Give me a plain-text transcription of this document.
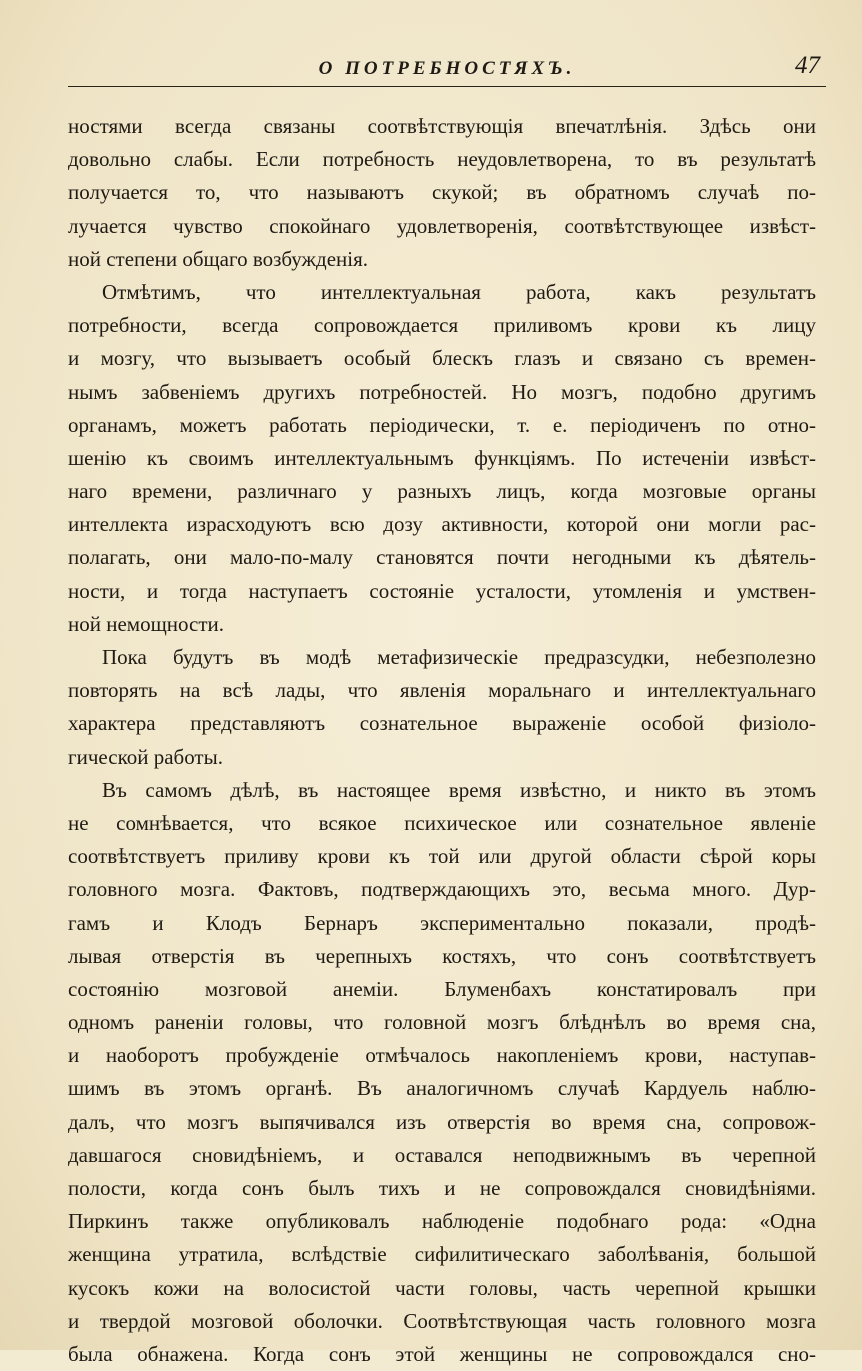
О ПОТРЕБНОСТЯХЪ.	47
ностями всегда связаны соотвѣтствующія впечатлѣнія. Здѣсь они
довольно слабы. Если потребность неудовлетворена, то въ результатѣ
получается то, что называютъ скукой; въ обратномъ случаѣ по-
лучается чувство спокойнаго удовлетворенія, соотвѣтствующее извѣст-
ной степени общаго возбужденія.
Отмѣтимъ, что интеллектуальная работа, какъ результатъ
потребности, всегда сопровождается приливомъ крови къ лицу
и мозгу, что вызываетъ особый блескъ глазъ и связано съ времен-
нымъ забвеніемъ другихъ потребностей. Но мозгъ, подобно другимъ
органамъ, можетъ работать періодически, т. е. періодиченъ по отно-
шенію къ своимъ интеллектуальнымъ функціямъ. По истеченіи извѣст-
наго времени, различнаго у разныхъ лицъ, когда мозговые органы
интеллекта израсходуютъ всю дозу активности, которой они могли рас-
полагать, они мало-по-малу становятся почти негодными къ дѣятель-
ности, и тогда наступаетъ состояніе усталости, утомленія и умствен-
ной немощности.
Пока будутъ въ модѣ метафизическіе предразсудки, небезполезно
повторять на всѣ лады, что явленія моральнаго и интеллектуальнаго
характера представляютъ сознательное выраженіе особой физіоло-
гической работы.
Въ самомъ дѣлѣ, въ настоящее время извѣстно, и никто въ этомъ
не сомнѣвается, что всякое психическое или сознательное явленіе
соотвѣтствуетъ приливу крови къ той или другой области сѣрой коры
головного мозга. Фактовъ, подтверждающихъ это, весьма много. Дур-
гамъ и Клодъ Бернаръ экспериментально показали, продѣ-
лывая отверстія въ черепныхъ костяхъ, что сонъ соотвѣтствуетъ
состоянію мозговой анеміи. Блуменбахъ констатировалъ при
одномъ раненіи головы, что головной мозгъ блѣднѣлъ во время сна,
и наоборотъ пробужденіе отмѣчалось накопленіемъ крови, наступав-
шимъ въ этомъ органѣ. Въ аналогичномъ случаѣ Кардуель наблю-
далъ, что мозгъ выпячивался изъ отверстія во время сна, сопровож-
давшагося сновидѣніемъ, и оставался неподвижнымъ въ черепной
полости, когда сонъ былъ тихъ и не сопровождался сновидѣніями.
Пиркинъ также опубликовалъ наблюденіе подобнаго рода: «Одна
женщина утратила, вслѣдствіе сифилитическаго заболѣванія, большой
кусокъ кожи на волосистой части головы, часть черепной крышки
и твердой мозговой оболочки. Соотвѣтствующая часть головного мозга
была обнажена. Когда сонъ этой женщины не сопровождался сно-
